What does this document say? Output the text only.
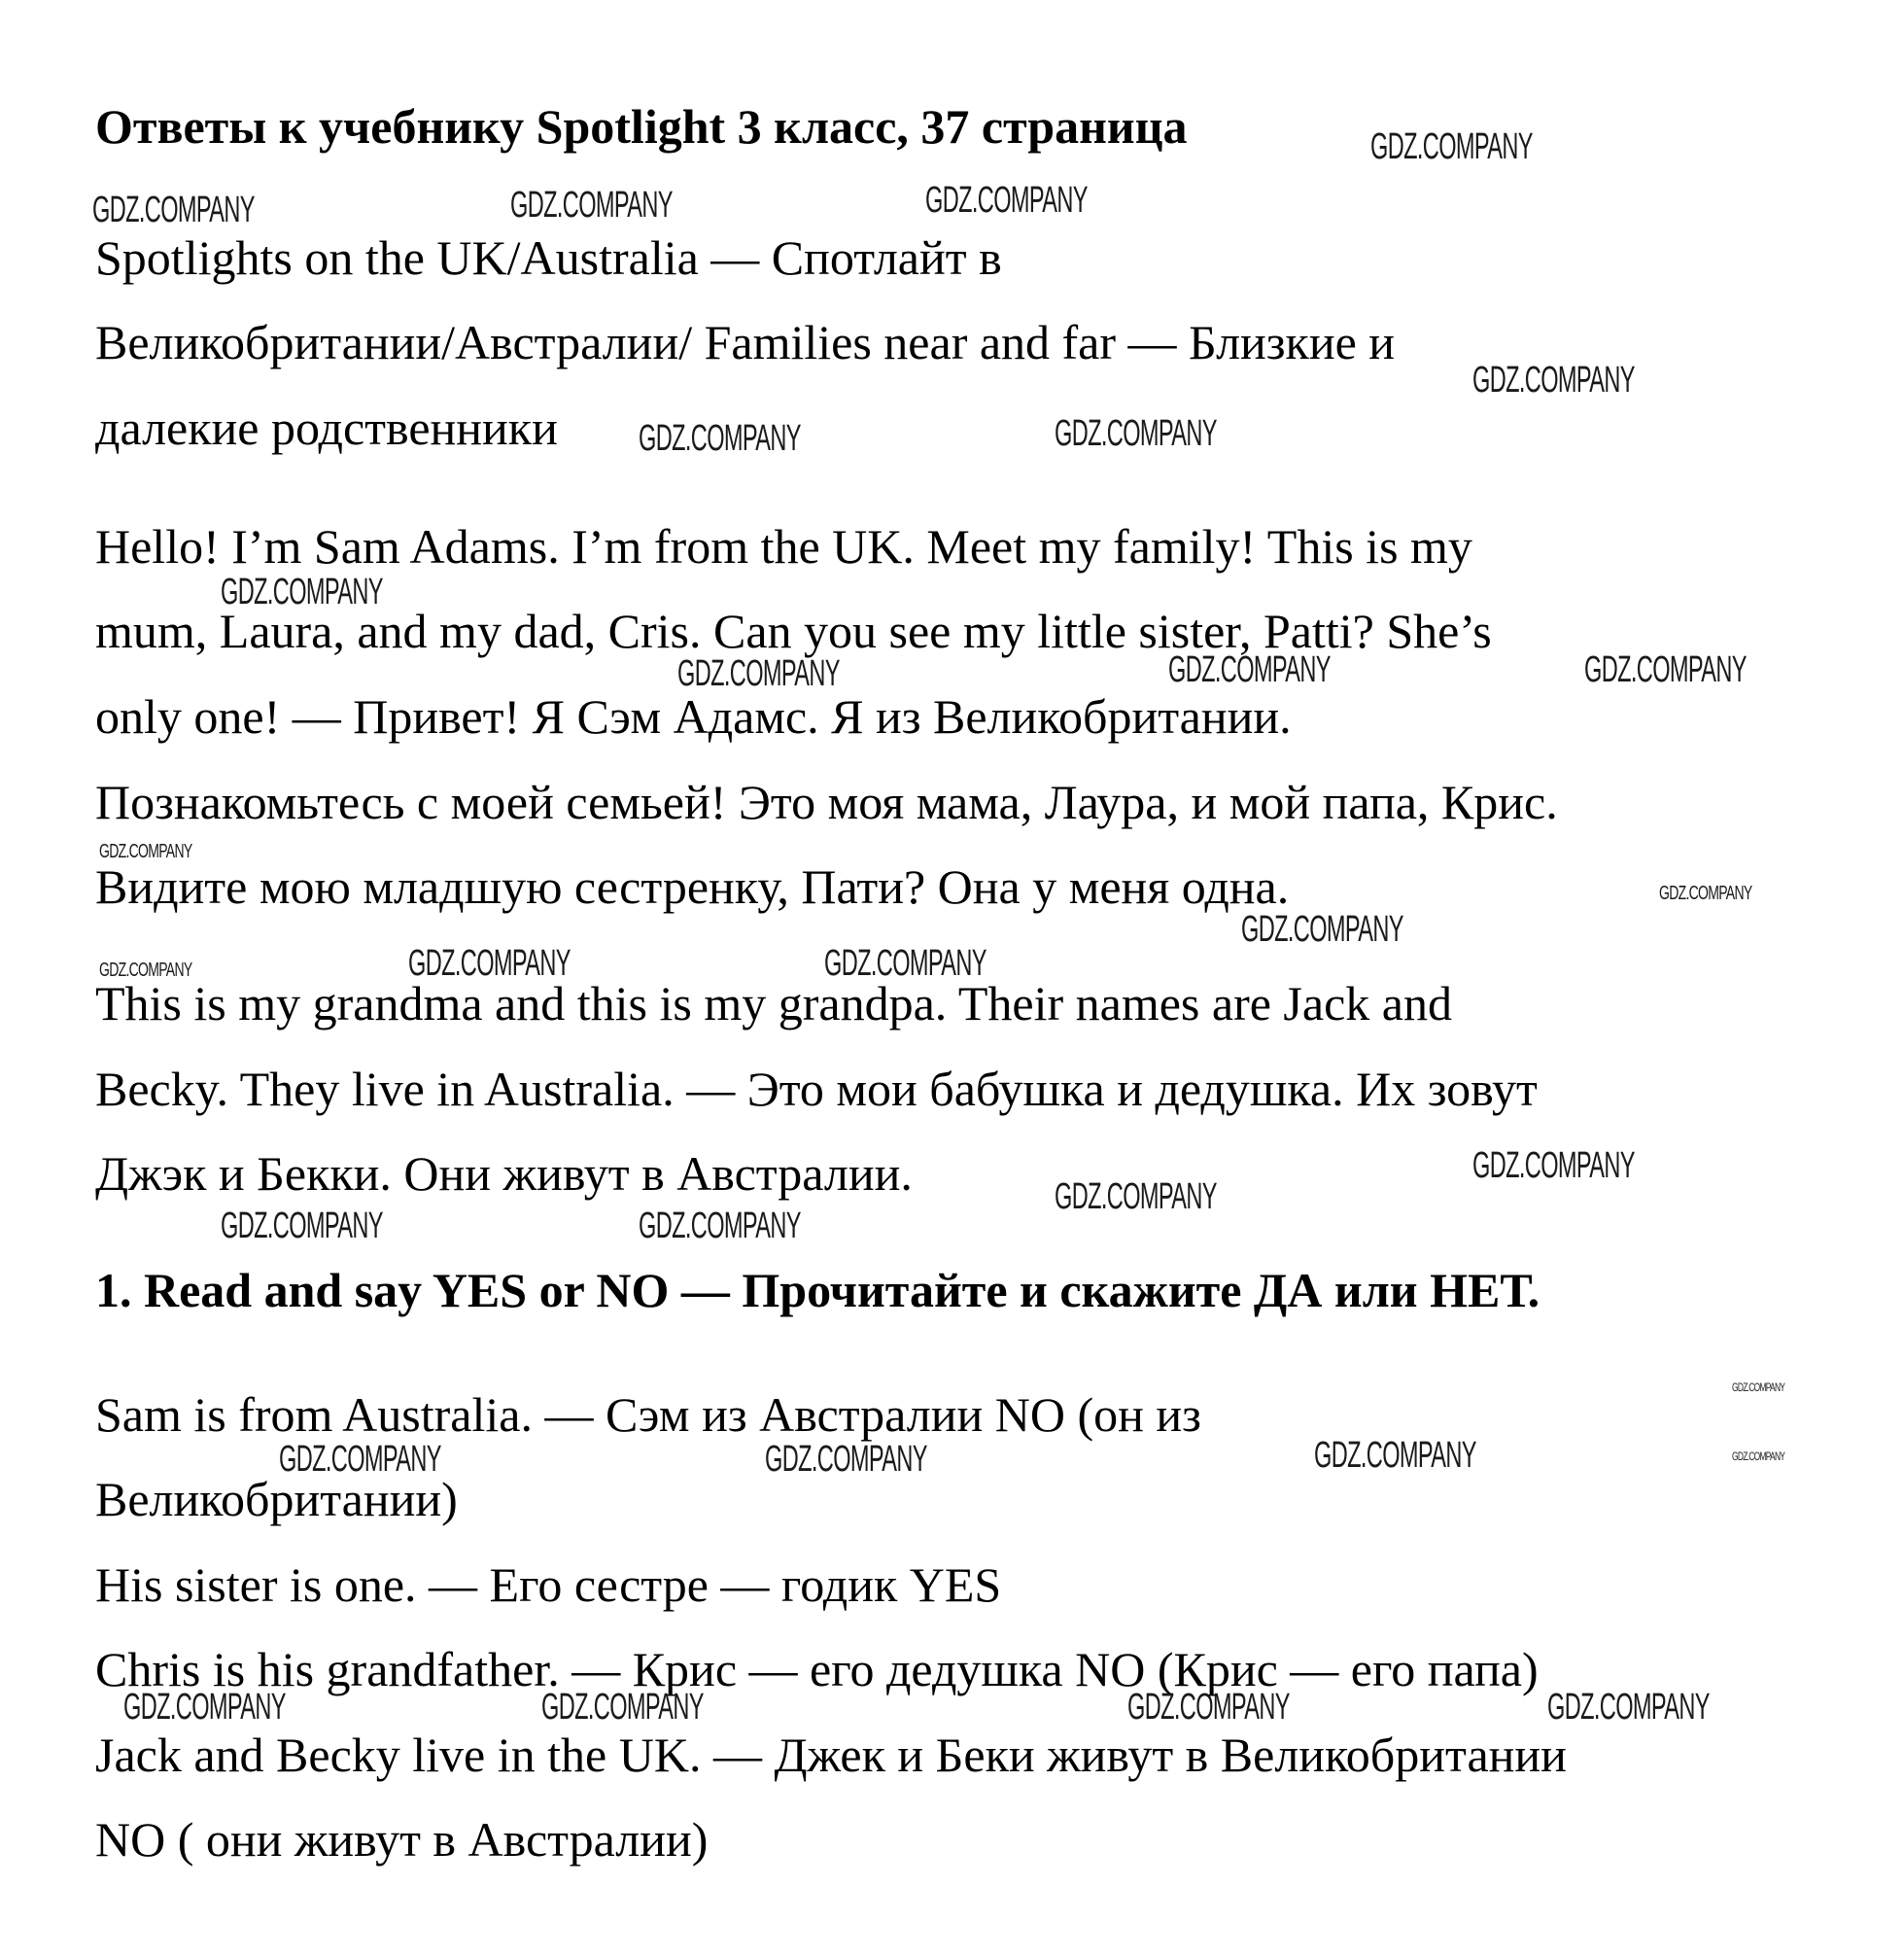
Ответы к учебнику Spotlight 3 класс, 37 страница
Spotlights on the UK/Australia — Спотлайт в
Великобритании/Австралии/ Families near and far — Близкие и
далекие родственники
Hello! I’m Sam Adams. I’m from the UK. Meet my family! This is my
mum, Laura, and my dad, Cris. Can you see my little sister, Patti? She’s
only one! — Привет! Я Сэм Адамс. Я из Великобритании.
Познакомьтесь с моей семьей! Это моя мама, Лаура, и мой папа, Крис.
Видите мою младшую сестренку, Пати? Она у меня одна.
This is my grandma and this is my grandpa. Their names are Jack and
Becky. They live in Australia. — Это мои бабушка и дедушка. Их зовут
Джэк и Бекки. Они живут в Австралии.
1. Read and say YES or NO — Прочитайте и скажите ДА или НЕТ.
Sam is from Australia. — Сэм из Австралии NO (он из
Великобритании)
His sister is one. — Его сестре — годик YES
Chris is his grandfather. — Крис — его дедушка NO (Крис — его папа)
Jack and Becky live in the UK. — Джек и Беки живут в Великобритании
NO ( они живут в Австралии)
GDZ.COMPANY
GDZ.COMPANY	GDZ.COMPANY	GDZ.COMPANY
GDZ.COMPANY
GDZ.COMPANY	GDZ.COMPANY
GDZ.COMPANY
GDZ.COMPANY	GDZ.COMPANY	GDZ.COMPANY
GDZ.COMPANY
GDZ.COMPANY
GDZ.COMPANY
GDZ.COMPANY	GDZ.COMPANY	GDZ.COMPANY
GDZ.COMPANY
GDZ.COMPANY
GDZ.COMPANY	GDZ.COMPANY
GDZ.COMPANY
GDZ.COMPANY
GDZ.COMPANY	GDZ.COMPANY	GDZ.COMPANY
GDZ.COMPANY	GDZ.COMPANY	GDZ.COMPANY	GDZ.COMPANY
